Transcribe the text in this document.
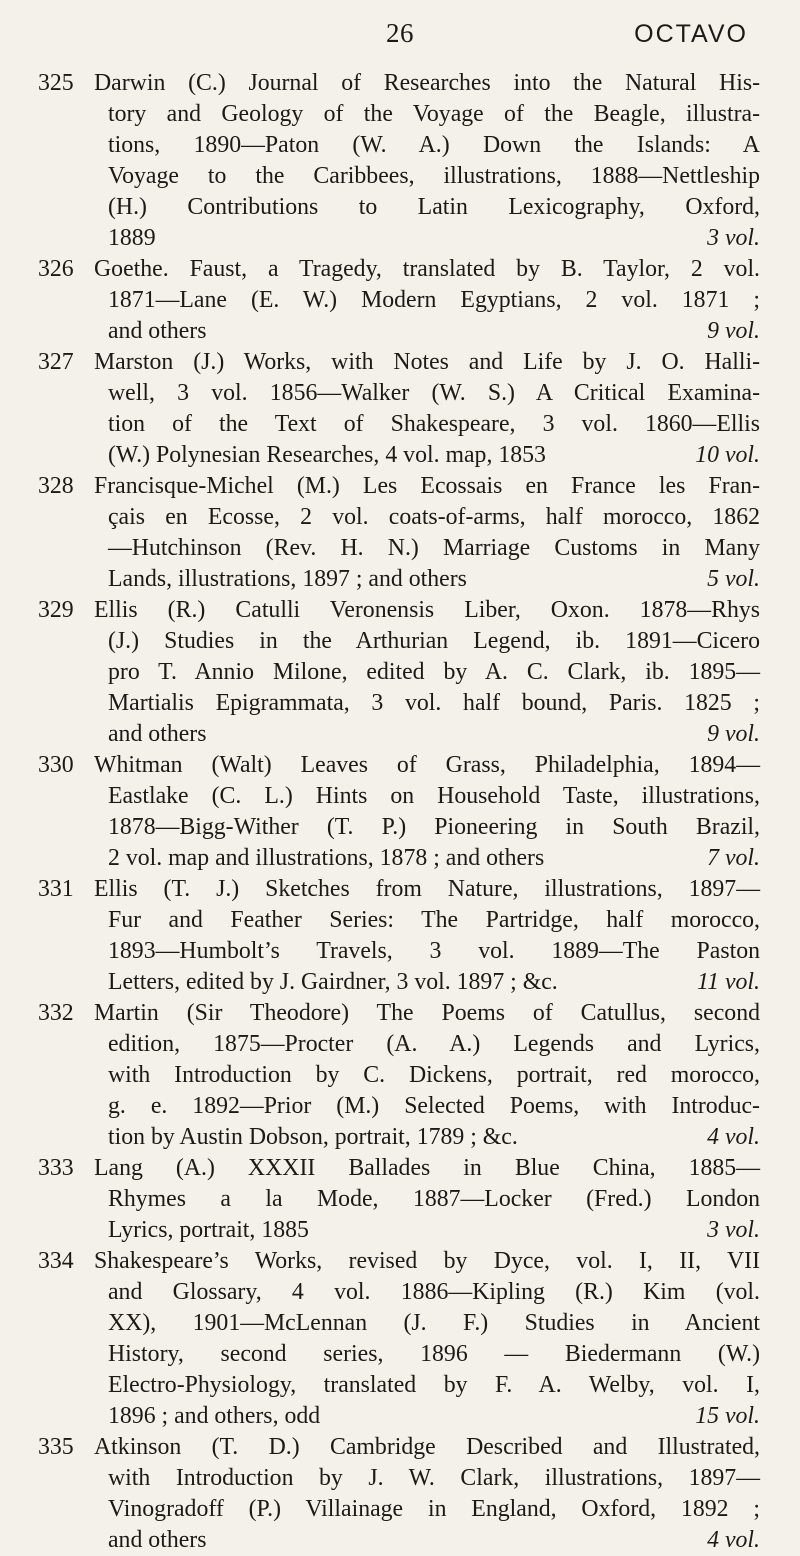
26	OCTAVO
325 Darwin (C.) Journal of Researches into the Natural His-
tory and Geology of the Voyage of the Beagle, illustra-
tions, 1890—Paton (W. A.) Down the Islands: A
Voyage to the Caribbees, illustrations, 1888—Nettleship
(H.) Contributions to Latin Lexicography, Oxford,
1889	3 vol.
326 Goethe. Faust, a Tragedy, translated by B. Taylor, 2 vol.
1871—Lane (E. W.) Modern Egyptians, 2 vol. 1871 ;
and others	9 vol.
327 Marston (J.) Works, with Notes and Life by J. O. Halli-
well, 3 vol. 1856—Walker (W. S.) A Critical Examina-
tion of the Text of Shakespeare, 3 vol. 1860—Ellis
(W.) Polynesian Researches, 4 vol. map, 1853	10 vol.
328 Francisque-Michel (M.) Les Ecossais en France les Fran-
çais en Ecosse, 2 vol. coats-of-arms, half morocco, 1862
—Hutchinson (Rev. H. N.) Marriage Customs in Many
Lands, illustrations, 1897 ; and others	5 vol.
329 Ellis (R.) Catulli Veronensis Liber, Oxon. 1878—Rhys
(J.) Studies in the Arthurian Legend, ib. 1891—Cicero
pro T. Annio Milone, edited by A. C. Clark, ib. 1895—
Martialis Epigrammata, 3 vol. half bound, Paris. 1825 ;
and others	9 vol.
330 Whitman (Walt) Leaves of Grass, Philadelphia, 1894—
Eastlake (C. L.) Hints on Household Taste, illustrations,
1878—Bigg-Wither (T. P.) Pioneering in South Brazil,
2 vol. map and illustrations, 1878 ; and others	7 vol.
331 Ellis (T. J.) Sketches from Nature, illustrations, 1897—
Fur and Feather Series: The Partridge, half morocco,
1893—Humbolt’s Travels, 3 vol. 1889—The Paston
Letters, edited by J. Gairdner, 3 vol. 1897 ; &c.	11 vol.
332 Martin (Sir Theodore) The Poems of Catullus, second
edition, 1875—Procter (A. A.) Legends and Lyrics,
with Introduction by C. Dickens, portrait, red morocco,
g. e. 1892—Prior (M.) Selected Poems, with Introduc-
tion by Austin Dobson, portrait, 1789 ; &c.	4 vol.
333 Lang (A.) XXXII Ballades in Blue China, 1885—
Rhymes a la Mode, 1887—Locker (Fred.) London
Lyrics, portrait, 1885	3 vol.
334 Shakespeare’s Works, revised by Dyce, vol. I, II, VII
and Glossary, 4 vol. 1886—Kipling (R.) Kim (vol.
XX), 1901—McLennan (J. F.) Studies in Ancient
History, second series, 1896 — Biedermann (W.)
Electro-Physiology, translated by F. A. Welby, vol. I,
1896 ; and others, odd	15 vol.
335 Atkinson (T. D.) Cambridge Described and Illustrated,
with Introduction by J. W. Clark, illustrations, 1897—
Vinogradoff (P.) Villainage in England, Oxford, 1892 ;
and others	4 vol.
